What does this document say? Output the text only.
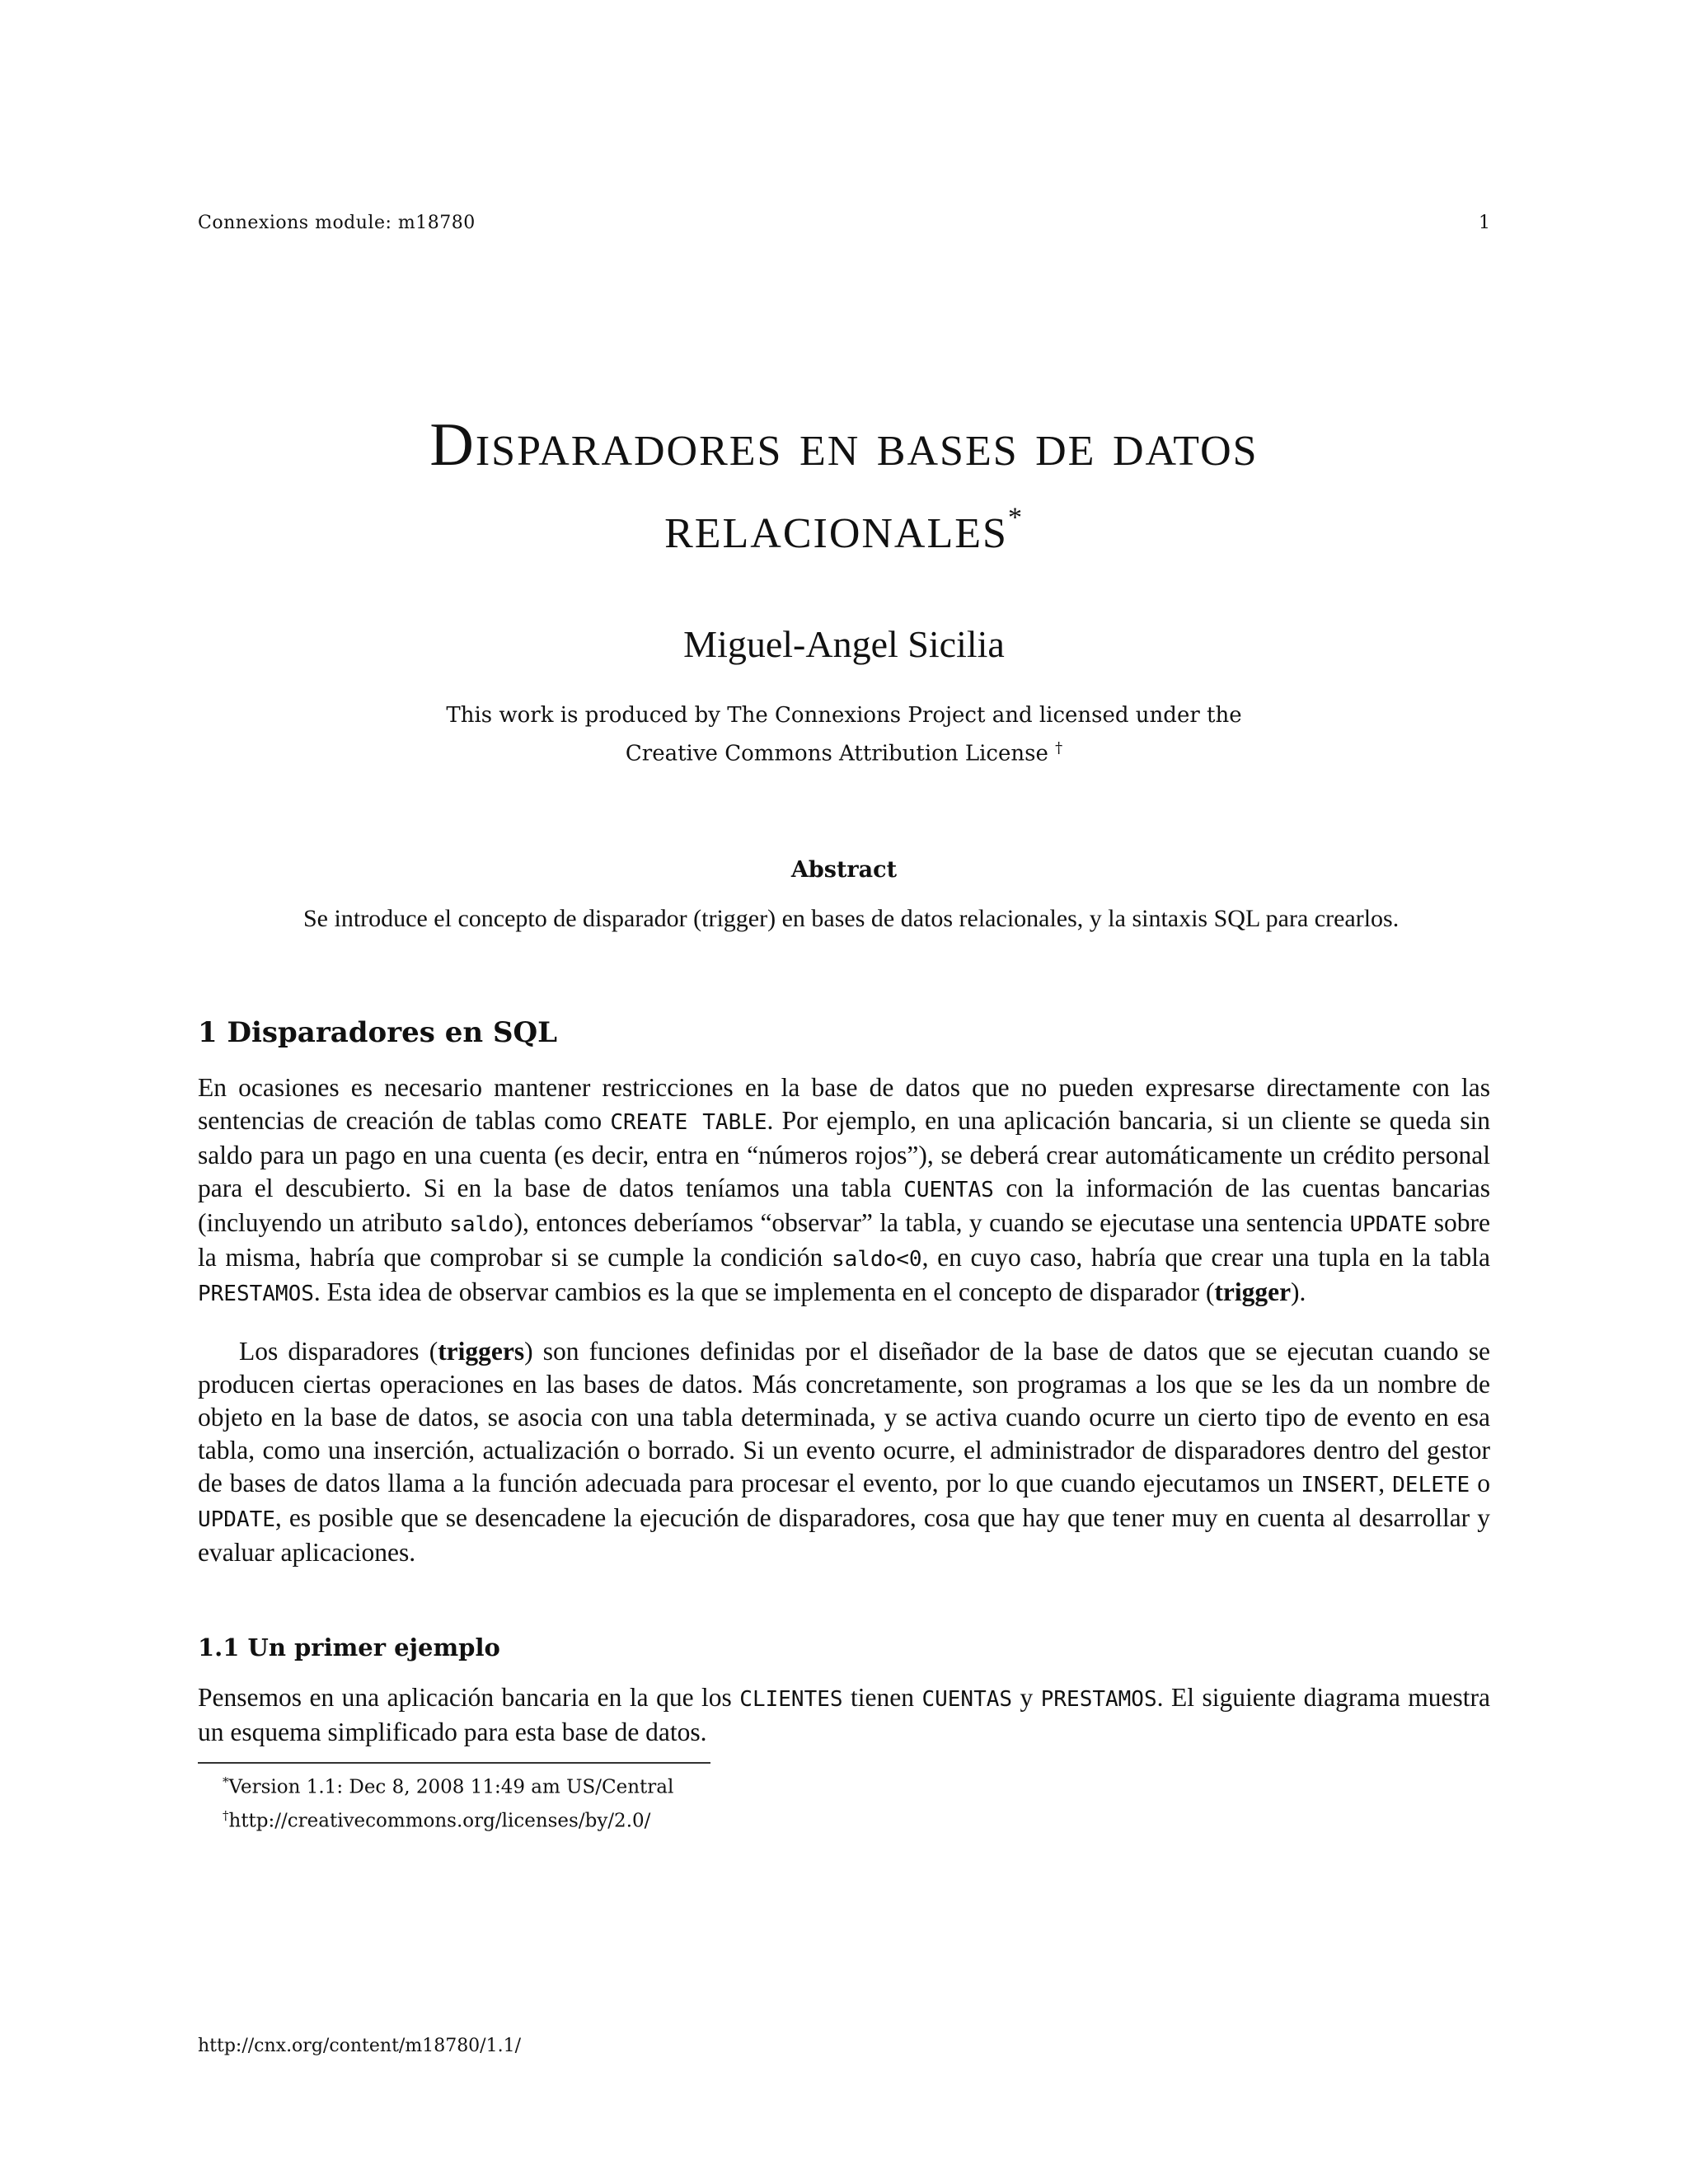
Connexions module: m18780	1
Disparadores en bases de datos
relacionales*
Miguel-Angel Sicilia
This work is produced by The Connexions Project and licensed under the
Creative Commons Attribution License †
Abstract
Se introduce el concepto de disparador (trigger) en bases de datos relacionales, y la sintaxis SQL para crearlos.
1 Disparadores en SQL
En ocasiones es necesario mantener restricciones en la base de datos que no pueden expresarse directamente con las sentencias de creación de tablas como CREATE TABLE. Por ejemplo, en una aplicación bancaria, si un cliente se queda sin saldo para un pago en una cuenta (es decir, entra en “números rojos”), se deberá crear automáticamente un crédito personal para el descubierto. Si en la base de datos teníamos una tabla CUENTAS con la información de las cuentas bancarias (incluyendo un atributo saldo), entonces deberíamos “observar” la tabla, y cuando se ejecutase una sentencia UPDATE sobre la misma, habría que comprobar si se cumple la condición saldo<0, en cuyo caso, habría que crear una tupla en la tabla PRESTAMOS. Esta idea de observar cambios es la que se implementa en el concepto de disparador (trigger).
Los disparadores (triggers) son funciones definidas por el diseñador de la base de datos que se ejecutan cuando se producen ciertas operaciones en las bases de datos. Más concretamente, son programas a los que se les da un nombre de objeto en la base de datos, se asocia con una tabla determinada, y se activa cuando ocurre un cierto tipo de evento en esa tabla, como una inserción, actualización o borrado. Si un evento ocurre, el administrador de disparadores dentro del gestor de bases de datos llama a la función adecuada para procesar el evento, por lo que cuando ejecutamos un INSERT, DELETE o UPDATE, es posible que se desencadene la ejecución de disparadores, cosa que hay que tener muy en cuenta al desarrollar y evaluar aplicaciones.
1.1 Un primer ejemplo
Pensemos en una aplicación bancaria en la que los CLIENTES tienen CUENTAS y PRESTAMOS. El siguiente diagrama muestra un esquema simplificado para esta base de datos.
*Version 1.1: Dec 8, 2008 11:49 am US/Central
†http://creativecommons.org/licenses/by/2.0/
http://cnx.org/content/m18780/1.1/
